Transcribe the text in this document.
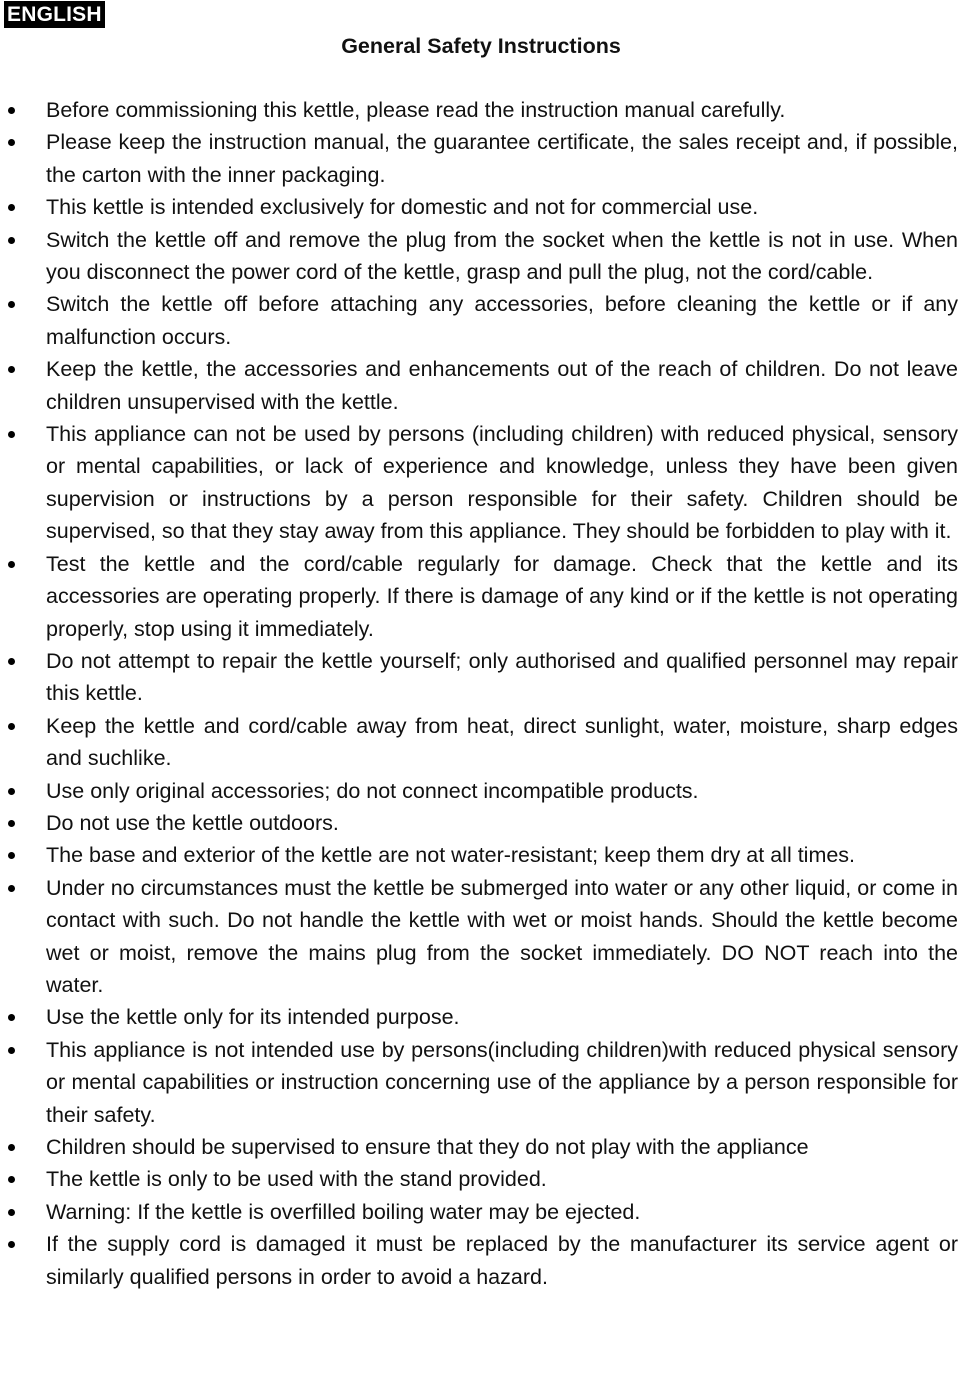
ENGLISH
General Safety Instructions
Before commissioning this kettle, please read the instruction manual carefully.
Please keep the instruction manual, the guarantee certificate, the sales receipt and, if possible, the carton with the inner packaging.
This kettle is intended exclusively for domestic and not for commercial use.
Switch the kettle off and remove the plug from the socket when the kettle is not in use. When you disconnect the power cord of the kettle, grasp and pull the plug, not the cord/cable.
Switch the kettle off before attaching any accessories, before cleaning the kettle or if any malfunction occurs.
Keep the kettle, the accessories and enhancements out of the reach of children. Do not leave children unsupervised with the kettle.
This appliance can not be used by persons (including children) with reduced physical, sensory or mental capabilities, or lack of experience and knowledge, unless they have been given supervision or instructions by a person responsible for their safety. Children should be supervised, so that they stay away from this appliance. They should be forbidden to play with it.
Test the kettle and the cord/cable regularly for damage. Check that the kettle and its accessories are operating properly. If there is damage of any kind or if the kettle is not operating properly, stop using it immediately.
Do not attempt to repair the kettle yourself; only authorised and qualified personnel may repair this kettle.
Keep the kettle and cord/cable away from heat, direct sunlight, water, moisture, sharp edges and suchlike.
Use only original accessories; do not connect incompatible products.
Do not use the kettle outdoors.
The base and exterior of the kettle are not water-resistant; keep them dry at all times.
Under no circumstances must the kettle be submerged into water or any other liquid, or come in contact with such. Do not handle the kettle with wet or moist hands. Should the kettle become wet or moist, remove the mains plug from the socket immediately. DO NOT reach into the water.
Use the kettle only for its intended purpose.
This appliance is not intended use by persons(including children)with reduced physical sensory or mental capabilities or instruction concerning use of the appliance by a person responsible for their safety.
Children should be supervised to ensure that they do not play with the appliance
The kettle is only to be used with the stand provided.
Warning: If the kettle is overfilled boiling water may be ejected.
If the supply cord is damaged it must be replaced by the manufacturer its service agent or similarly qualified persons in order to avoid a hazard.
